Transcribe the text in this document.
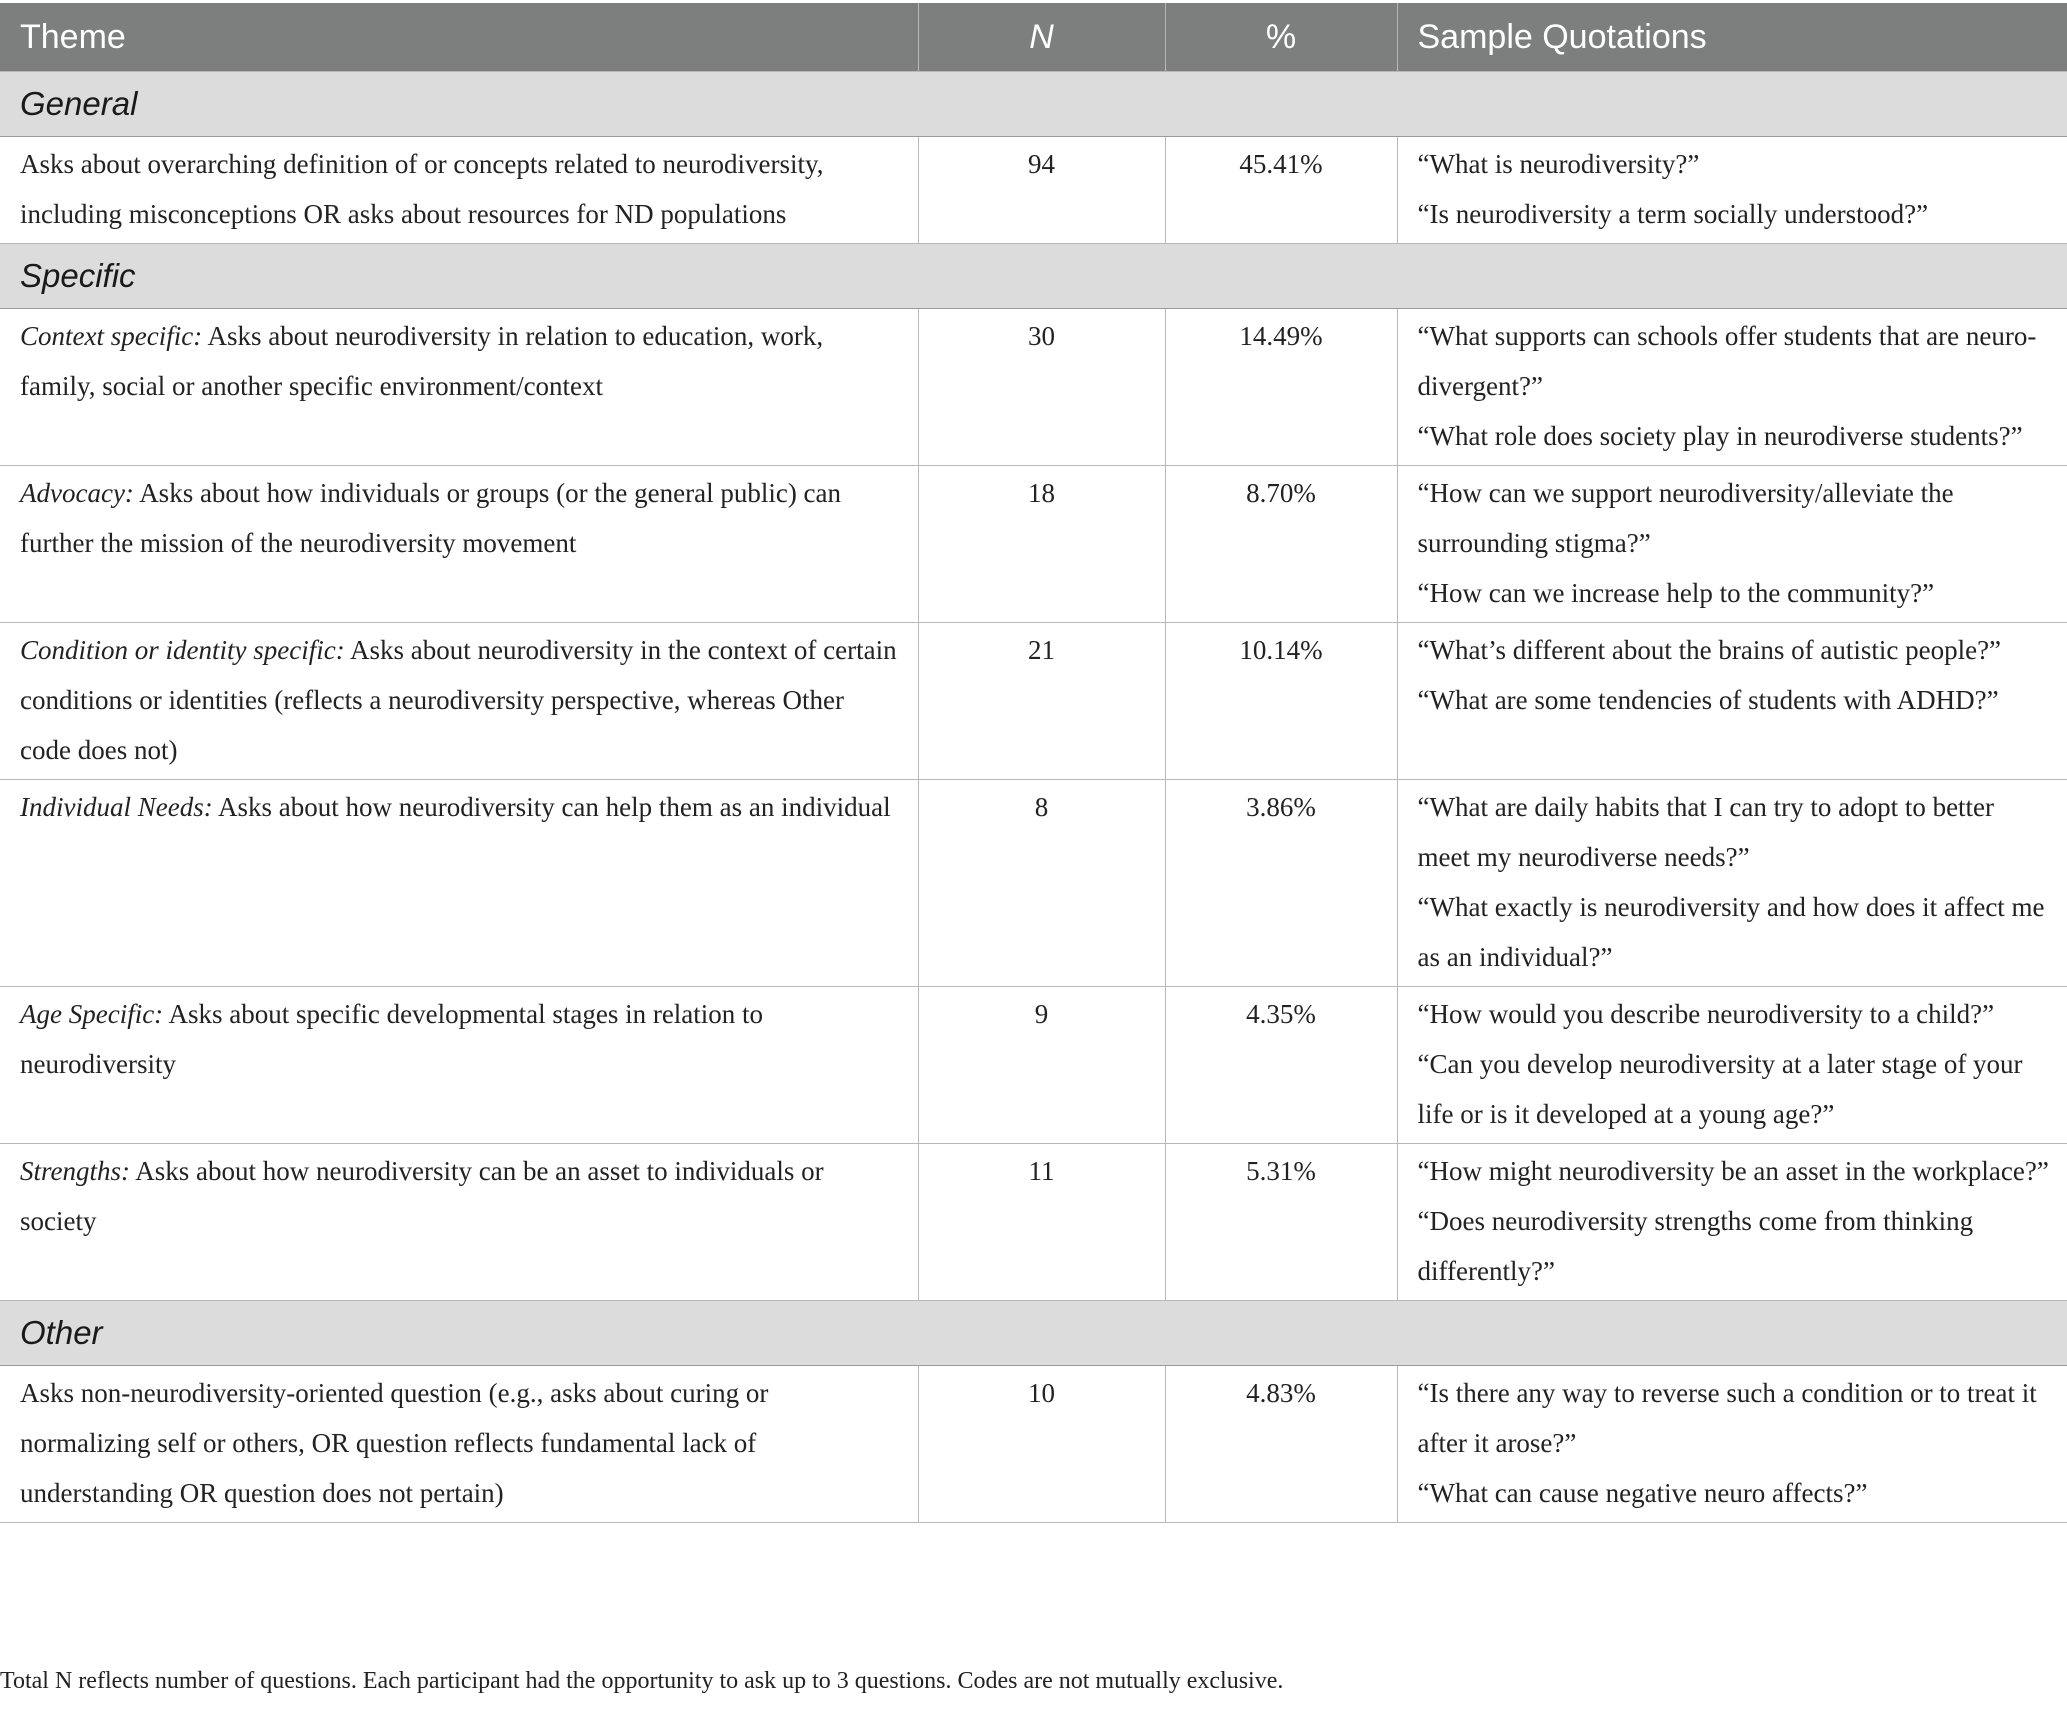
Theme	N	%	Sample Quotations
General			
Asks about overarching definition of or concepts related to neurodiversity, including misconceptions OR asks about resources for ND populations	94	45.41%	“What is neurodiversity?”
“Is neurodiversity a term socially understood?”

Specific			
Context specific: Asks about neurodiversity in relation to education, work, family, social or another specific environment/context	30	14.49%	“What supports can schools offer students that are neuro-divergent?”
“What role does society play in neurodiverse students?”

Advocacy: Asks about how individuals or groups (or the general public) can further the mission of the neurodiversity movement	18	8.70%	“How can we support neurodiversity/alleviate the surrounding stigma?”
“How can we increase help to the community?”

Condition or identity specific: Asks about neurodiversity in the context of certain conditions or identities (reflects a neurodiversity perspective, whereas Other code does not)	21	10.14%	“What’s different about the brains of autistic people?”
“What are some tendencies of students with ADHD?”

Individual Needs: Asks about how neurodiversity can help them as an individual	8	3.86%	“What are daily habits that I can try to adopt to better meet my neurodiverse needs?”
“What exactly is neurodiversity and how does it affect me as an individual?”

Age Specific: Asks about specific developmental stages in relation to neurodiversity	9	4.35%	“How would you describe neurodiversity to a child?”
“Can you develop neurodiversity at a later stage of your life or is it developed at a young age?”

Strengths: Asks about how neurodiversity can be an asset to individuals or society	11	5.31%	“How might neurodiversity be an asset in the workplace?”
“Does neurodiversity strengths come from thinking differently?”

Other			
Asks non-neurodiversity-oriented question (e.g., asks about curing or normalizing self or others, OR question reflects fundamental lack of understanding OR question does not pertain)	10	4.83%	“Is there any way to reverse such a condition or to treat it after it arose?”
“What can cause negative neuro affects?”
Total N reflects number of questions. Each participant had the opportunity to ask up to 3 questions. Codes are not mutually exclusive.
